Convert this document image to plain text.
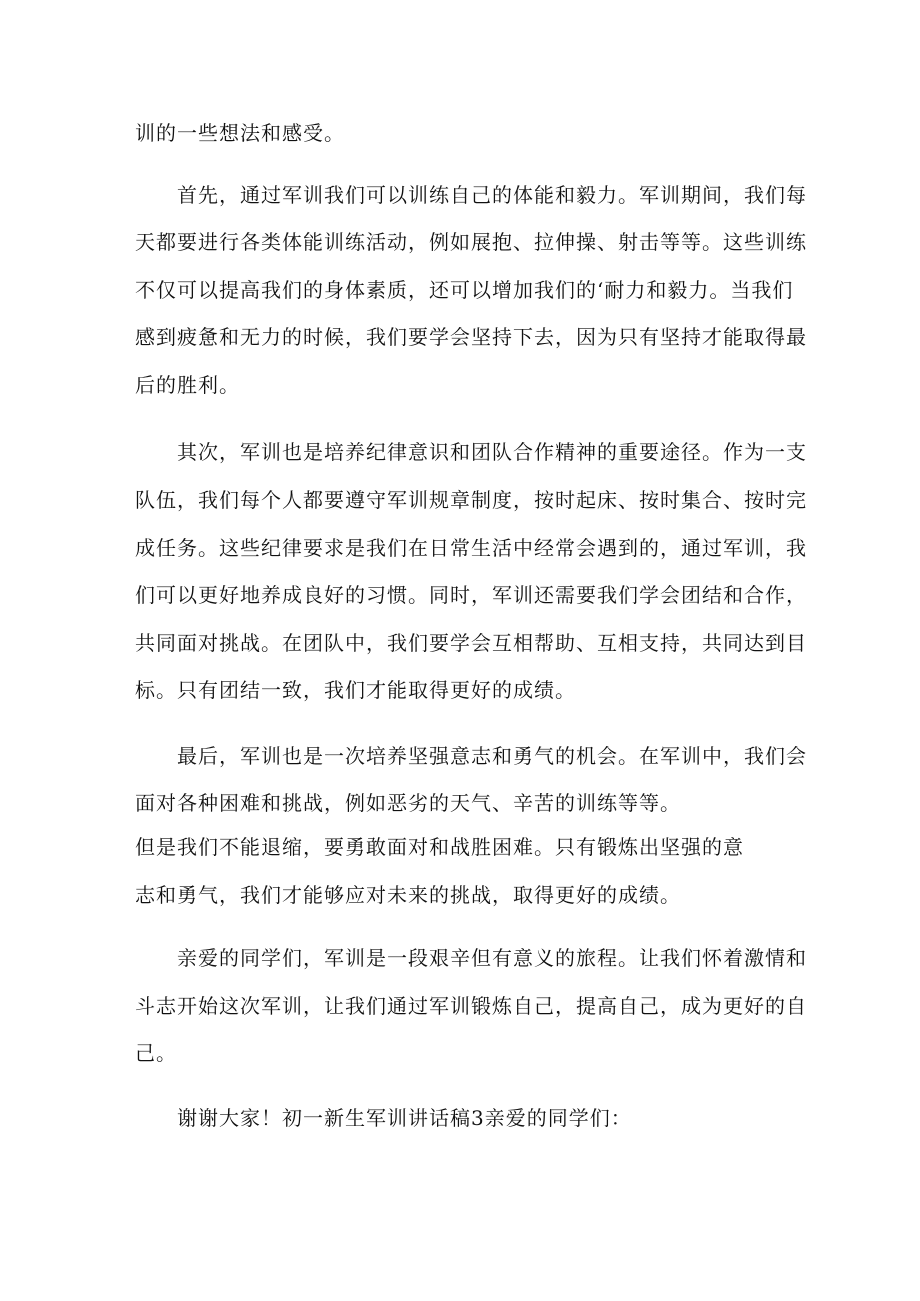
训的一些想法和感受。
首先，通过军训我们可以训练自己的体能和毅力。军训期间，我们每
天都要进行各类体能训练活动，例如展抱、拉伸操、射击等等。这些训练
不仅可以提高我们的身体素质，还可以增加我们的‘耐力和毅力。当我们
感到疲惫和无力的时候，我们要学会坚持下去，因为只有坚持才能取得最
后的胜利。
其次，军训也是培养纪律意识和团队合作精神的重要途径。作为一支
队伍，我们每个人都要遵守军训规章制度，按时起床、按时集合、按时完
成任务。这些纪律要求是我们在日常生活中经常会遇到的，通过军训，我
们可以更好地养成良好的习惯。同时，军训还需要我们学会团结和合作，
共同面对挑战。在团队中，我们要学会互相帮助、互相支持，共同达到目
标。只有团结一致，我们才能取得更好的成绩。
最后，军训也是一次培养坚强意志和勇气的机会。在军训中，我们会
面对各种困难和挑战，例如恶劣的天气、辛苦的训练等等。
但是我们不能退缩，要勇敢面对和战胜困难。只有锻炼出坚强的意
志和勇气，我们才能够应对未来的挑战，取得更好的成绩。
亲爱的同学们，军训是一段艰辛但有意义的旅程。让我们怀着激情和
斗志开始这次军训，让我们通过军训锻炼自己，提高自己，成为更好的自
己。
谢谢大家！初一新生军训讲话稿3亲爱的同学们：
